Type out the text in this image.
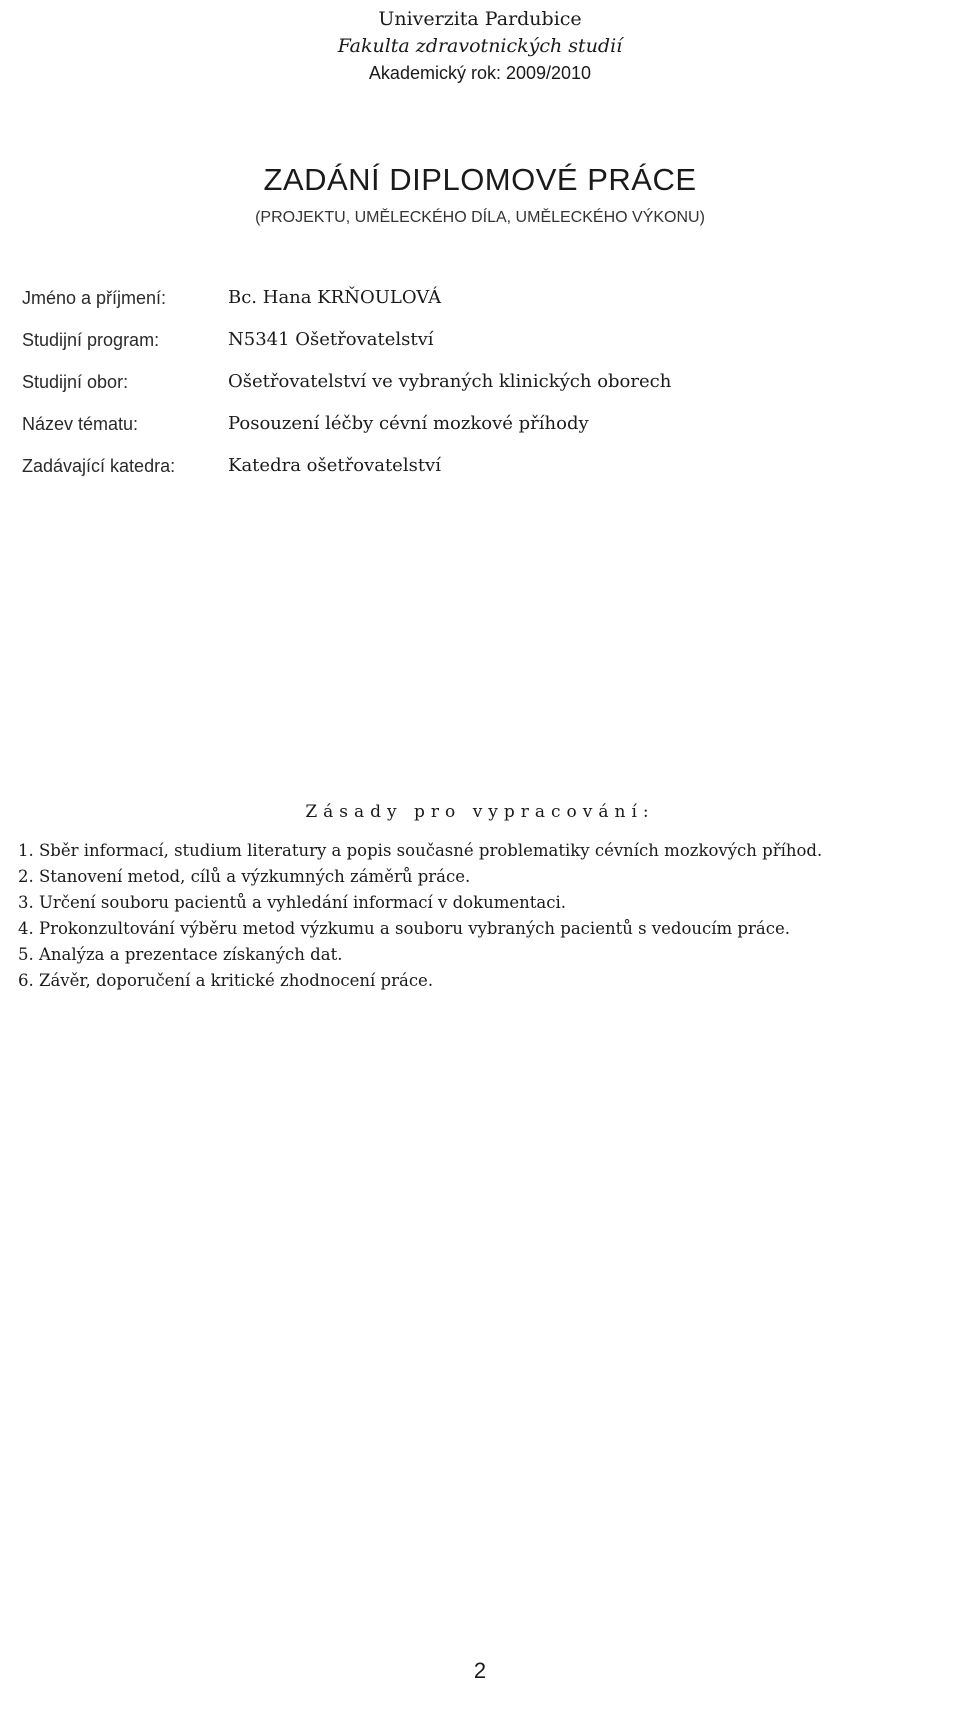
Univerzita Pardubice
Fakulta zdravotnických studií
Akademický rok: 2009/2010
ZADÁNÍ DIPLOMOVÉ PRÁCE
(PROJEKTU, UMĚLECKÉHO DÍLA, UMĚLECKÉHO VÝKONU)
Jméno a příjmení:	Bc. Hana KRŇOULOVÁ
Studijní program:	N5341 Ošetřovatelství
Studijní obor:	Ošetřovatelství ve vybraných klinických oborech
Název tématu:	Posouzení léčby cévní mozkové příhody
Zadávající katedra:	Katedra ošetřovatelství
Zásady pro vypracování:

1. Sběr informací, studium literatury a popis současné problematiky cévních mozkových příhod.

2. Stanovení metod, cílů a výzkumných záměrů práce.

3. Určení souboru pacientů a vyhledání informací v dokumentaci.

4. Prokonzultování výběru metod výzkumu a souboru vybraných pacientů s vedoucím práce.

5. Analýza a prezentace získaných dat.

6. Závěr, doporučení a kritické zhodnocení práce.

2
